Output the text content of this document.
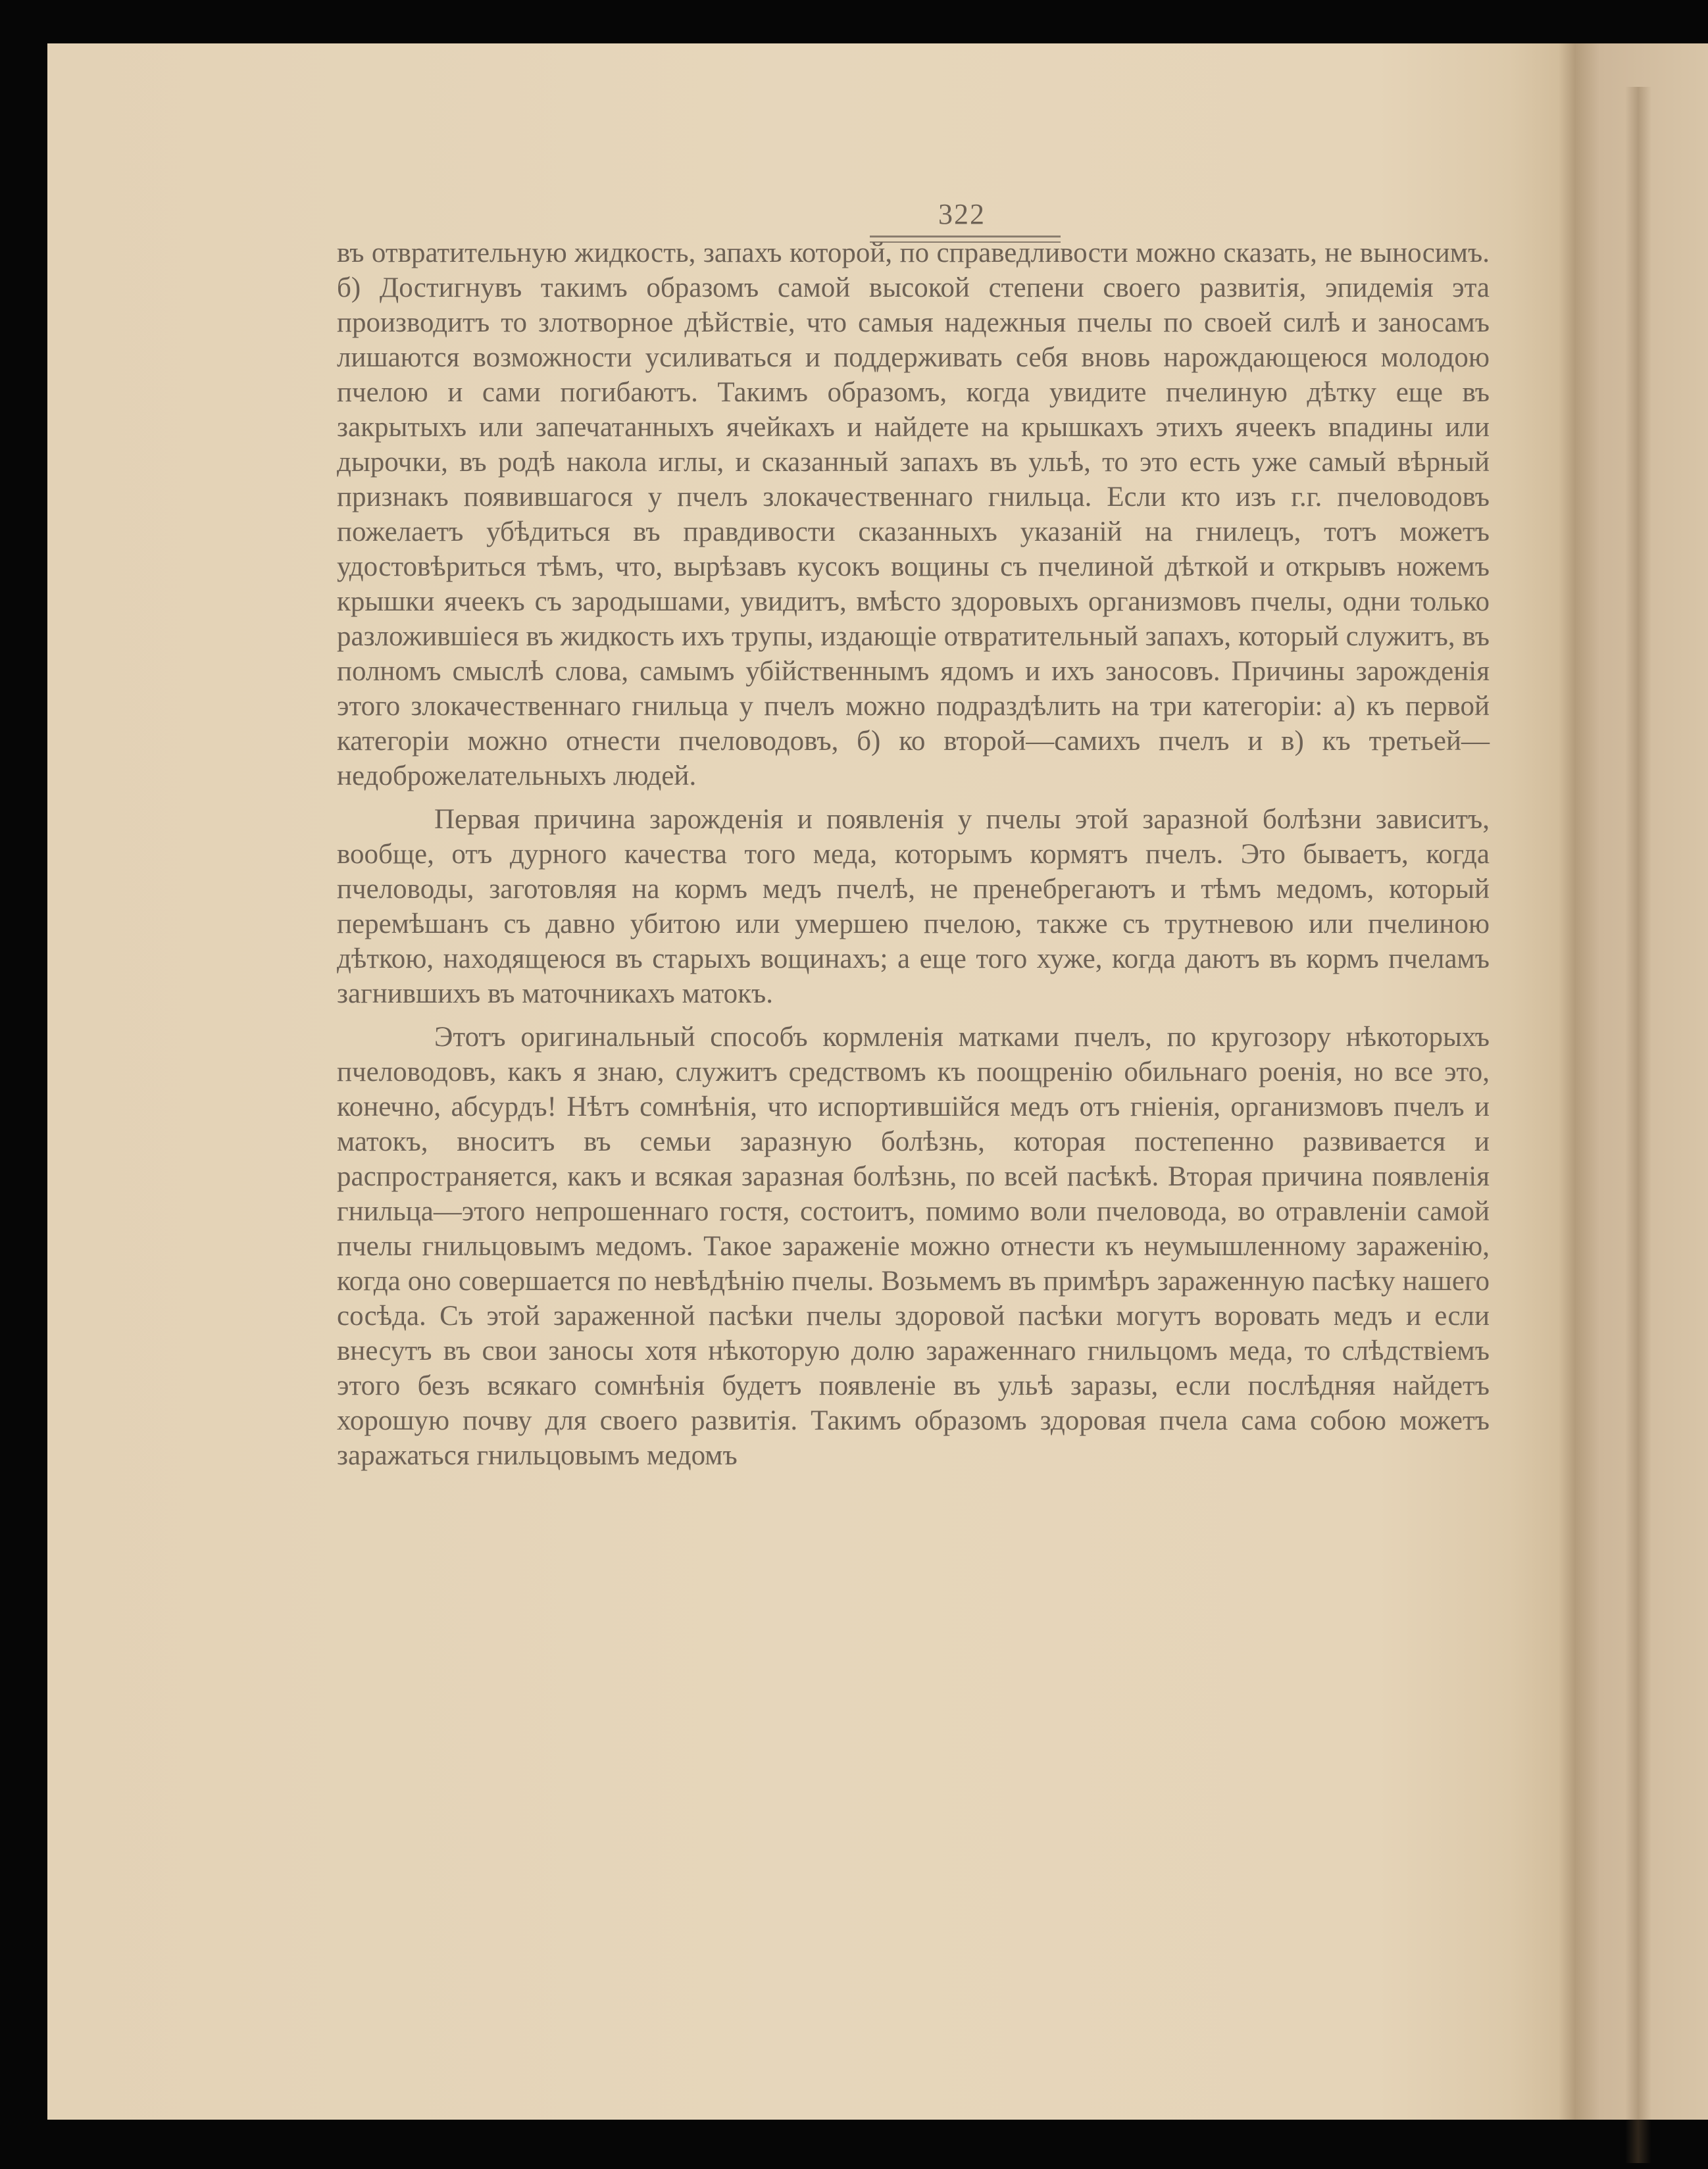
322

въ отвратительную жидкость, запахъ которой, по справедливости можно сказать, не выносимъ. б) Достигнувъ такимъ образомъ самой высокой степени своего развитія, эпидемія эта производитъ то злотворное дѣйствіе, что самыя надежныя пчелы по своей силѣ и заносамъ лишаются возможности усиливаться и поддерживать себя вновь нарождающеюся молодою пчелою и сами погибаютъ. Такимъ образомъ, когда увидите пчелиную дѣтку еще въ закрытыхъ или запечатанныхъ ячейкахъ и найдете на крышкахъ этихъ ячеекъ впадины или дырочки, въ родѣ накола иглы, и сказанный запахъ въ ульѣ, то это есть уже самый вѣрный признакъ появившагося у пчелъ злокачественнаго гнильца. Если кто изъ г.г. пчеловодовъ пожелаетъ убѣдиться въ правдивости сказанныхъ указаній на гнилецъ, тотъ можетъ удостовѣриться тѣмъ, что, вырѣзавъ кусокъ вощины съ пчелиной дѣткой и открывъ ножемъ крышки ячеекъ съ зародышами, увидитъ, вмѣсто здоровыхъ организмовъ пчелы, одни только разложившіеся въ жидкость ихъ трупы, издающіе отвратительный запахъ, который служитъ, въ полномъ смыслѣ слова, самымъ убійственнымъ ядомъ и ихъ заносовъ. Причины зарожденія этого злокачественнаго гнильца у пчелъ можно подраздѣлить на три категоріи: а) къ первой категоріи можно отнести пчеловодовъ, б) ко второй—самихъ пчелъ и в) къ третьей—недоброжелательныхъ людей.

Первая причина зарожденія и появленія у пчелы этой заразной болѣзни зависитъ, вообще, отъ дурного качества того меда, которымъ кормятъ пчелъ. Это бываетъ, когда пчеловоды, заготовляя на кормъ медъ пчелѣ, не пренебрегаютъ и тѣмъ медомъ, который перемѣшанъ съ давно убитою или умершею пчелою, также съ трутневою или пчелиною дѣткою, находящеюся въ старыхъ вощинахъ; а еще того хуже, когда даютъ въ кормъ пчеламъ загнившихъ въ маточникахъ матокъ.

Этотъ оригинальный способъ кормленія матками пчелъ, по кругозору нѣкоторыхъ пчеловодовъ, какъ я знаю, служитъ средствомъ къ поощренію обильнаго роенія, но все это, конечно, абсурдъ! Нѣтъ сомнѣнія, что испортившійся медъ отъ гніенія, организмовъ пчелъ и матокъ, вноситъ въ семьи заразную болѣзнь, которая постепенно развивается и распространяется, какъ и всякая заразная болѣзнь, по всей пасѣкѣ. Вторая причина появленія гнильца—этого непрошеннаго гостя, состоитъ, помимо воли пчеловода, во отравленіи самой пчелы гнильцовымъ медомъ. Такое зараженіе можно отнести къ неумышленному зараженію, когда оно совершается по невѣдѣнію пчелы. Возьмемъ въ примѣръ зараженную пасѣку нашего сосѣда. Съ этой зараженной пасѣки пчелы здоровой пасѣки могутъ воровать медъ и если внесутъ въ свои заносы хотя нѣкоторую долю зараженнаго гнильцомъ меда, то слѣдствіемъ этого безъ всякаго сомнѣнія будетъ появленіе въ ульѣ заразы, если послѣдняя найдетъ хорошую почву для своего развитія. Такимъ образомъ здоровая пчела сама собою можетъ заражаться гнильцовымъ медомъ
